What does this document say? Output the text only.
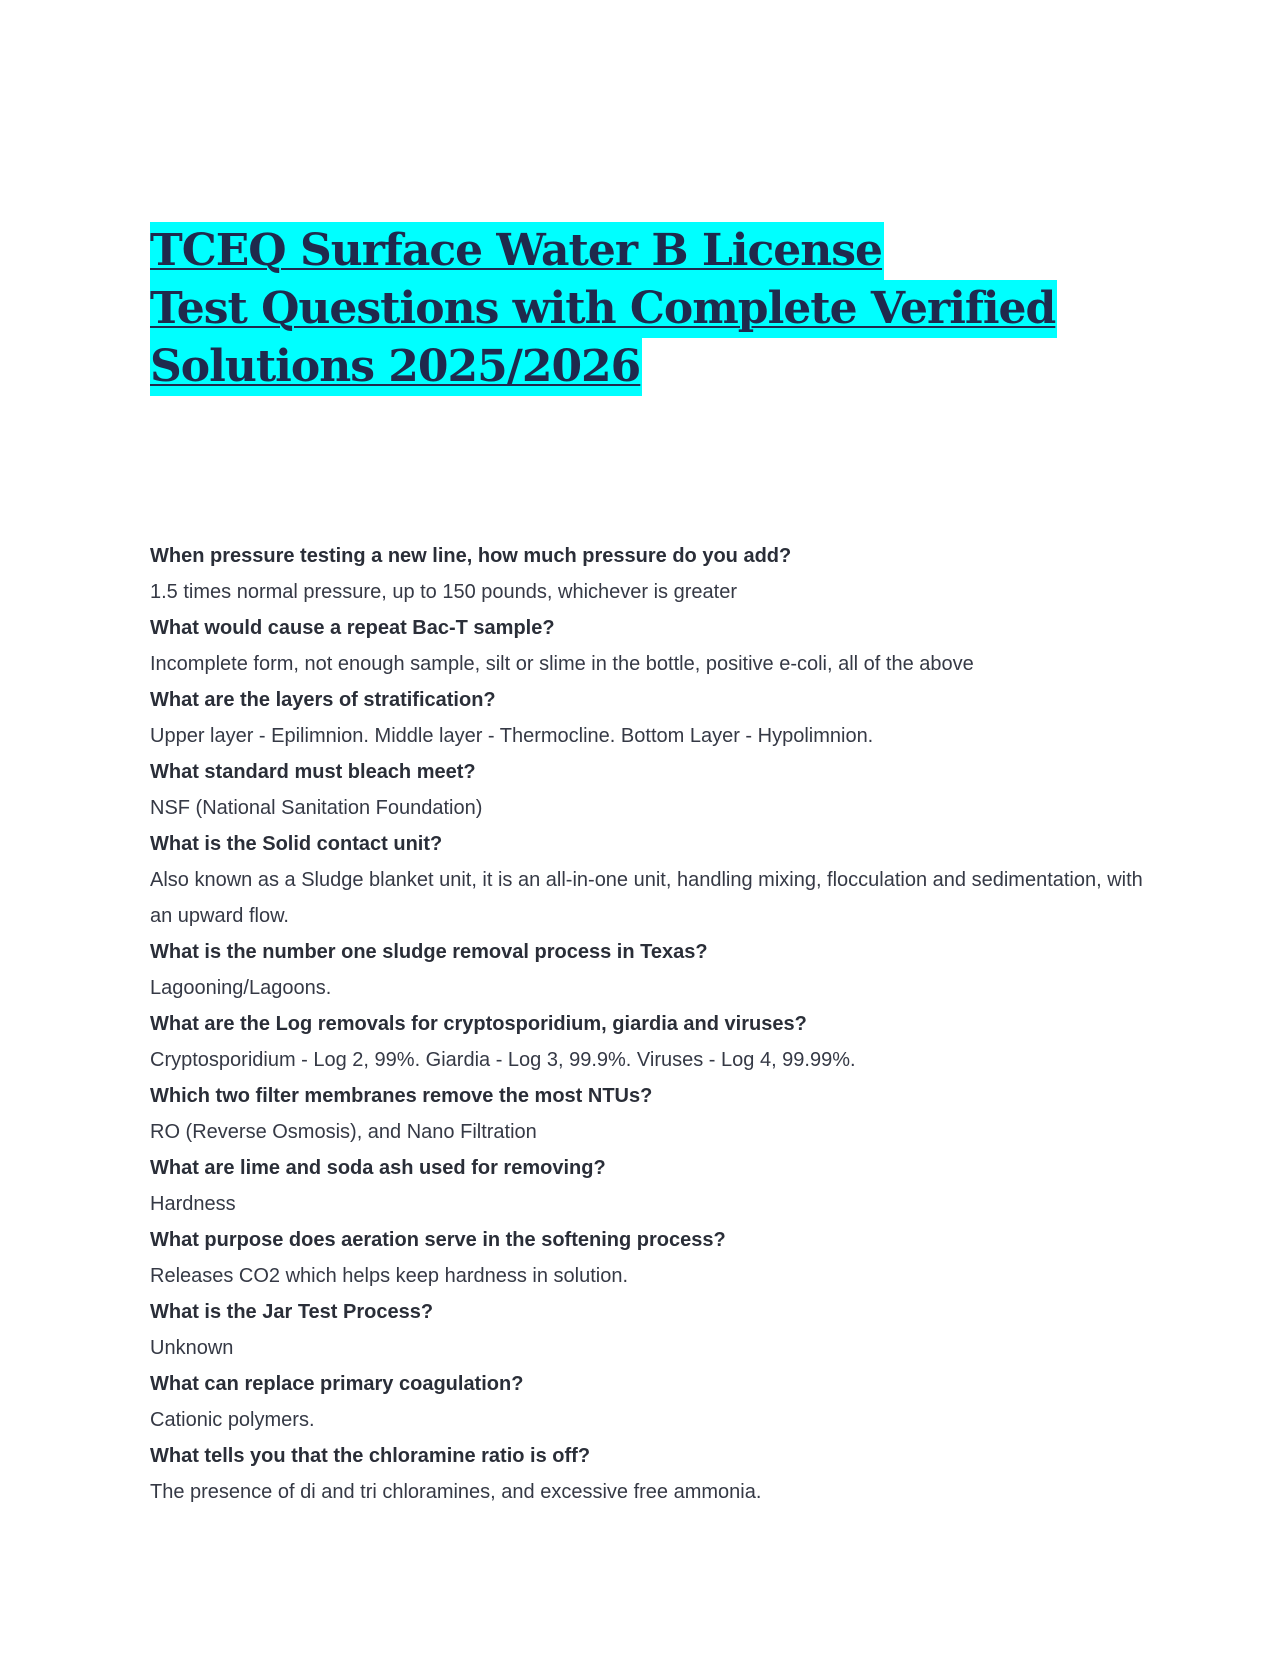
TCEQ Surface Water B License
Test Questions with Complete Verified
Solutions 2025/2026
When pressure testing a new line, how much pressure do you add?
1.5 times normal pressure, up to 150 pounds, whichever is greater
What would cause a repeat Bac-T sample?
Incomplete form, not enough sample, silt or slime in the bottle, positive e-coli, all of the above
What are the layers of stratification?
Upper layer - Epilimnion. Middle layer - Thermocline. Bottom Layer - Hypolimnion.
What standard must bleach meet?
NSF (National Sanitation Foundation)
What is the Solid contact unit?
Also known as a Sludge blanket unit, it is an all-in-one unit, handling mixing, flocculation and sedimentation, with an upward flow.
What is the number one sludge removal process in Texas?
Lagooning/Lagoons.
What are the Log removals for cryptosporidium, giardia and viruses?
Cryptosporidium - Log 2, 99%. Giardia - Log 3, 99.9%. Viruses - Log 4, 99.99%.
Which two filter membranes remove the most NTUs?
RO (Reverse Osmosis), and Nano Filtration
What are lime and soda ash used for removing?
Hardness
What purpose does aeration serve in the softening process?
Releases CO2 which helps keep hardness in solution.
What is the Jar Test Process?
Unknown
What can replace primary coagulation?
Cationic polymers.
What tells you that the chloramine ratio is off?
The presence of di and tri chloramines, and excessive free ammonia.
